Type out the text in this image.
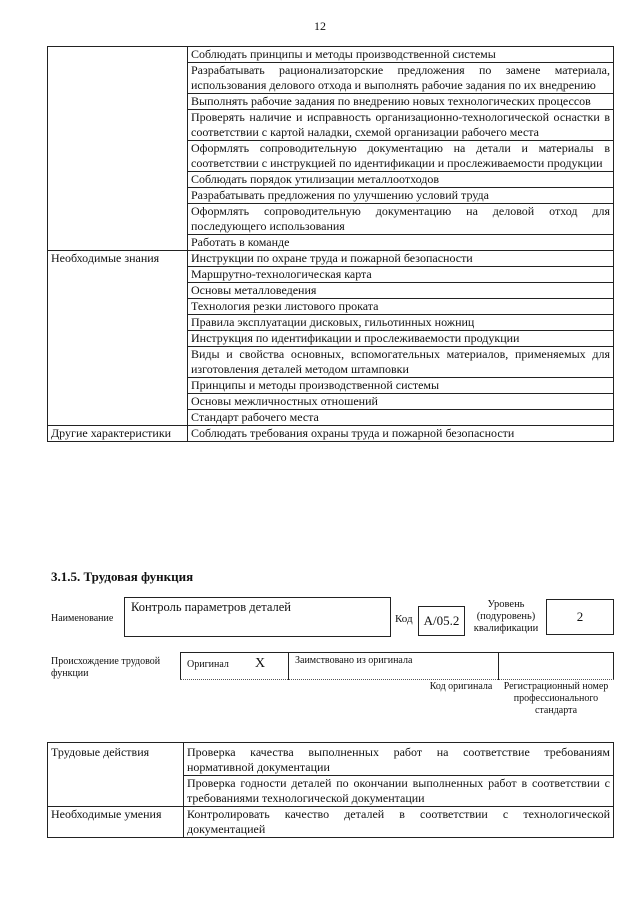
12
	Соблюдать принципы и методы производственной системы
	Разрабатывать рационализаторские предложения по замене материала, использования делового отхода и выполнять рабочие задания по их внедрению
	Выполнять рабочие задания по внедрению новых технологических процессов
	Проверять наличие и исправность организационно-технологической оснастки в соответствии с картой наладки, схемой организации рабочего места
	Оформлять сопроводительную документацию на детали и материалы в соответствии с инструкцией по идентификации и прослеживаемости продукции
	Соблюдать порядок утилизации металлоотходов
	Разрабатывать предложения по улучшению условий труда
	Оформлять сопроводительную документацию на деловой отход для последующего использования
	Работать в команде
Необходимые знания	Инструкции по охране труда и пожарной безопасности
	Маршрутно-технологическая карта
	Основы металловедения
	Технология резки листового проката
	Правила эксплуатации дисковых, гильотинных ножниц
	Инструкция по идентификации и прослеживаемости продукции
	Виды и свойства основных, вспомогательных материалов, применяемых для изготовления деталей методом штамповки
	Принципы и методы производственной системы
	Основы межличностных отношений
	Стандарт рабочего места
Другие характеристики	Соблюдать требования охраны труда и пожарной безопасности
3.1.5. Трудовая функция
Наименование
Контроль параметров деталей
Код А/05.2
Уровень (подуровень) квалификации
2
Происхождение трудовой функции
Оригинал X	Заимствовано из оригинала
Код оригинала	Регистрационный номер профессионального стандарта
Трудовые действия	Проверка качества выполненных работ на соответствие требованиям нормативной документации
	Проверка годности деталей по окончании выполненных работ в соответствии с требованиями технологической документации
Необходимые умения	Контролировать качество деталей в соответствии с технологической документацией
